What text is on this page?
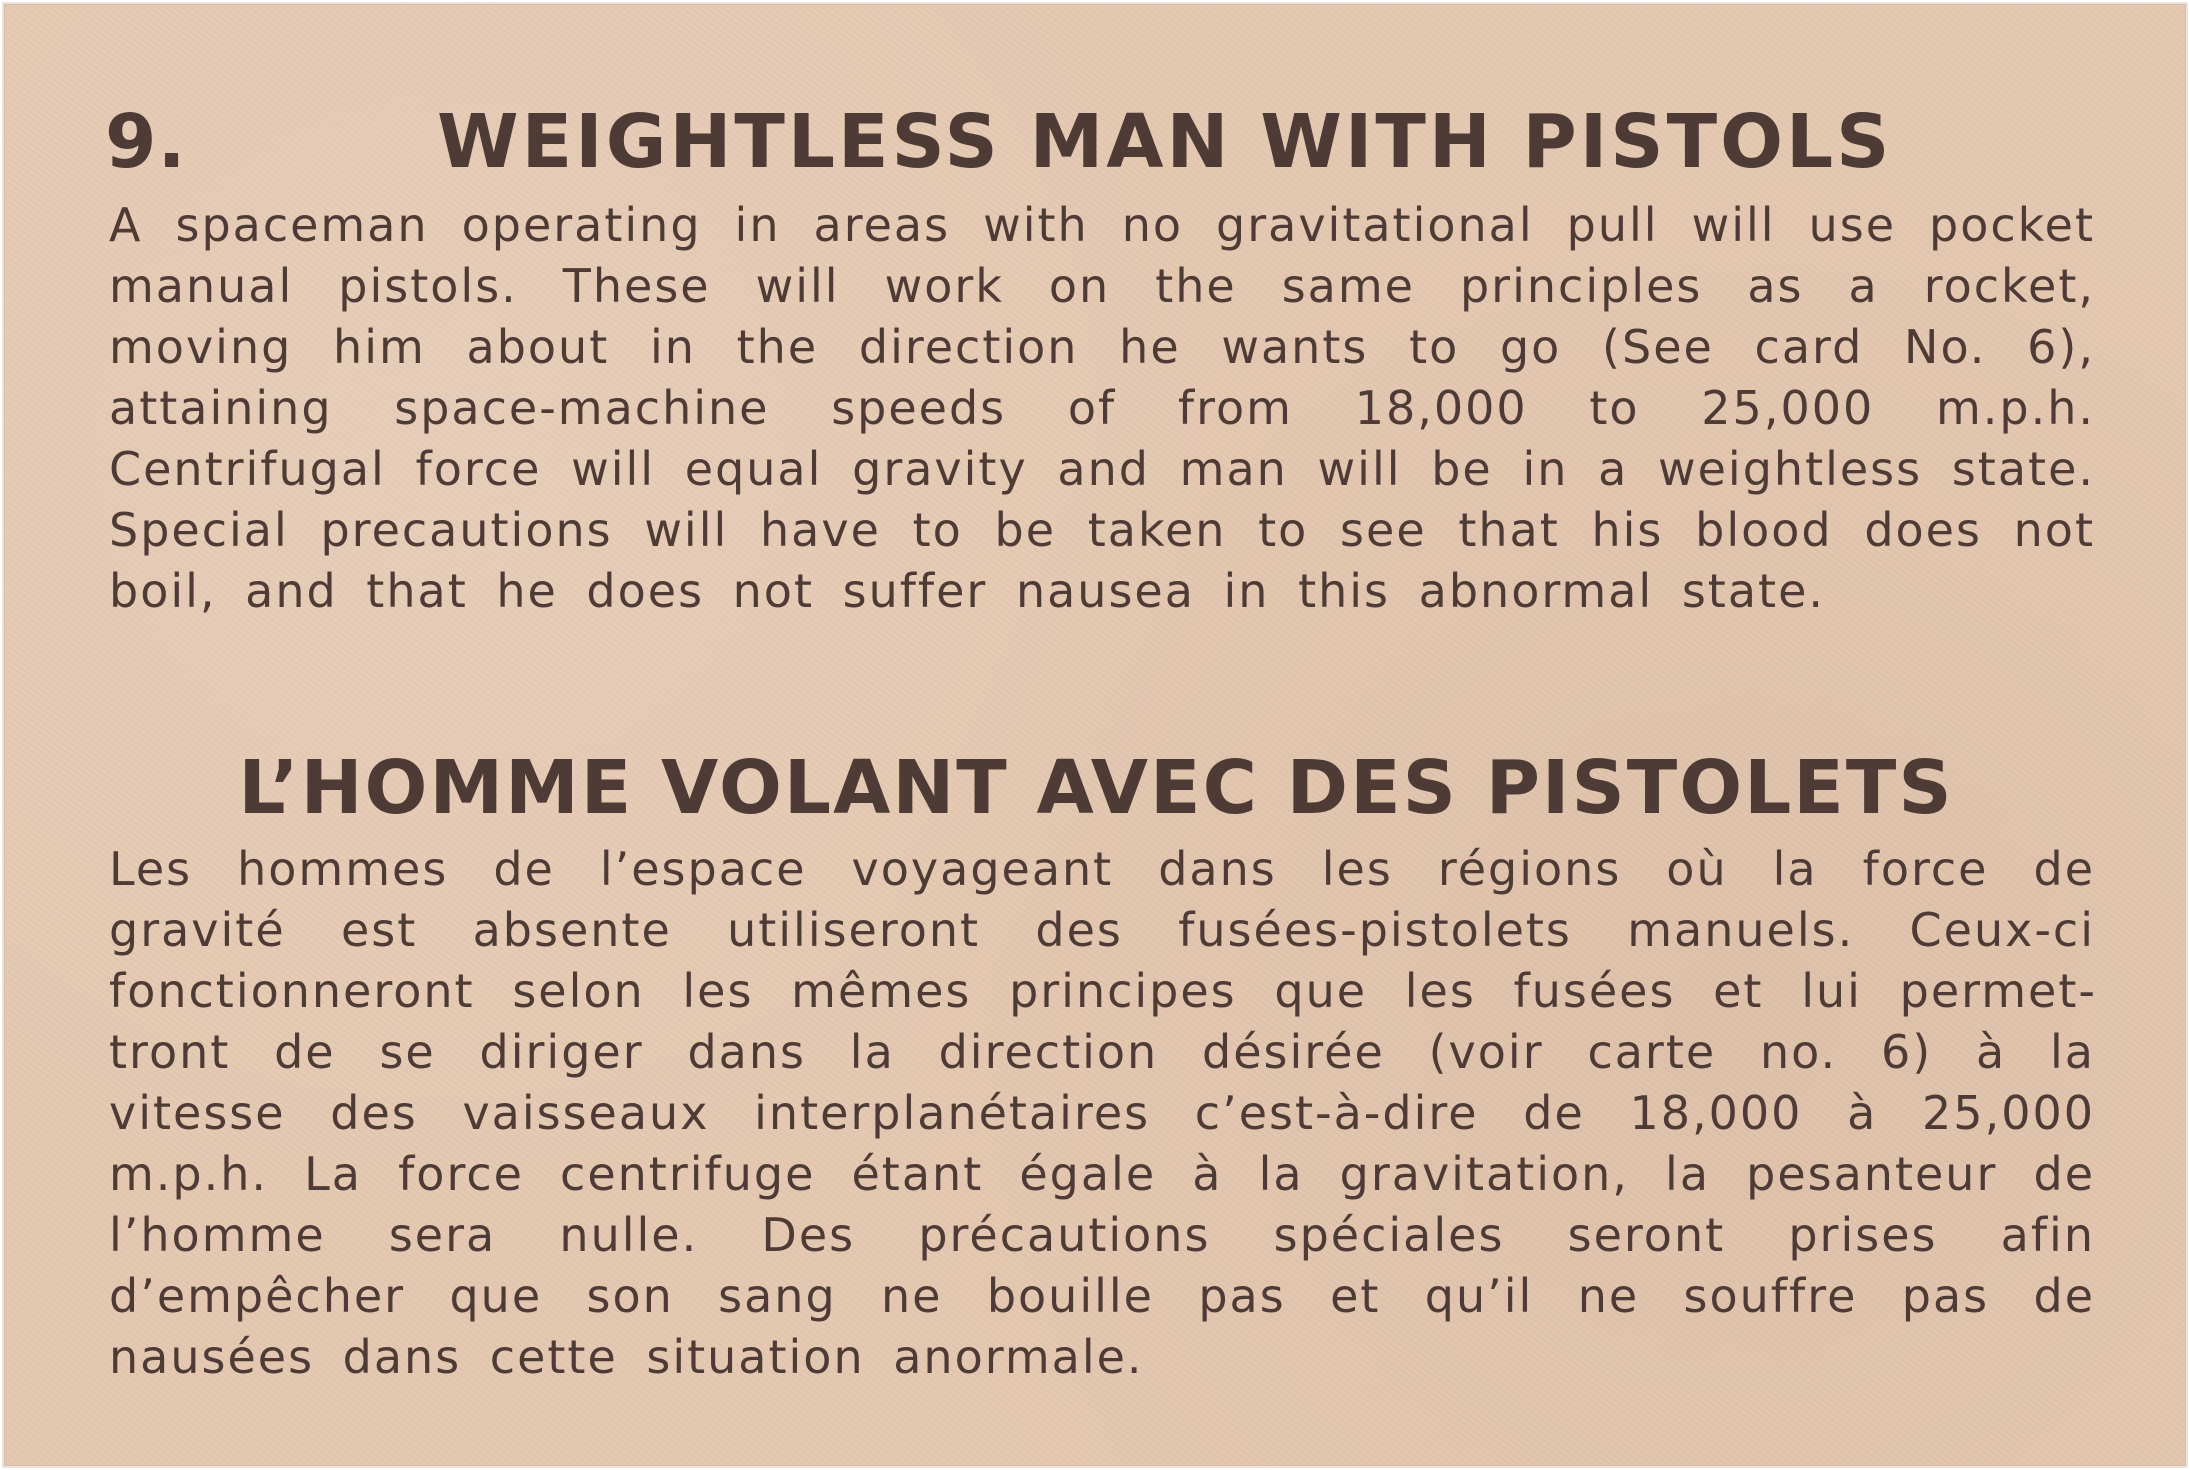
9.	WEIGHTLESS MAN WITH PISTOLS

A spaceman operating in areas with no gravitational pull will use pocket manual pistols. These will work on the same principles as a rocket, moving him about in the direction he wants to go (See card No. 6), attaining space-machine speeds of from 18,000 to 25,000 m.p.h. Centrifugal force will equal gravity and man will be in a weightless state. Special precautions will have to be taken to see that his blood does not boil, and that he does not suffer nausea in this abnormal state.

L’HOMME VOLANT AVEC DES PISTOLETS

Les hommes de l’espace voyageant dans les régions où la force de gravité est absente utiliseront des fusées-pistolets manuels. Ceux-ci fonctionneront selon les mêmes principes que les fusées et lui permettront de se diriger dans la direction désirée (voir carte no. 6) à la vitesse des vaisseaux interplanétaires c’est-à-dire de 18,000 à 25,000 m.p.h. La force centrifuge étant égale à la gravitation, la pesanteur de l’homme sera nulle. Des précautions spéciales seront prises afin d’empêcher que son sang ne bouille pas et qu’il ne souffre pas de nausées dans cette situation anormale.
